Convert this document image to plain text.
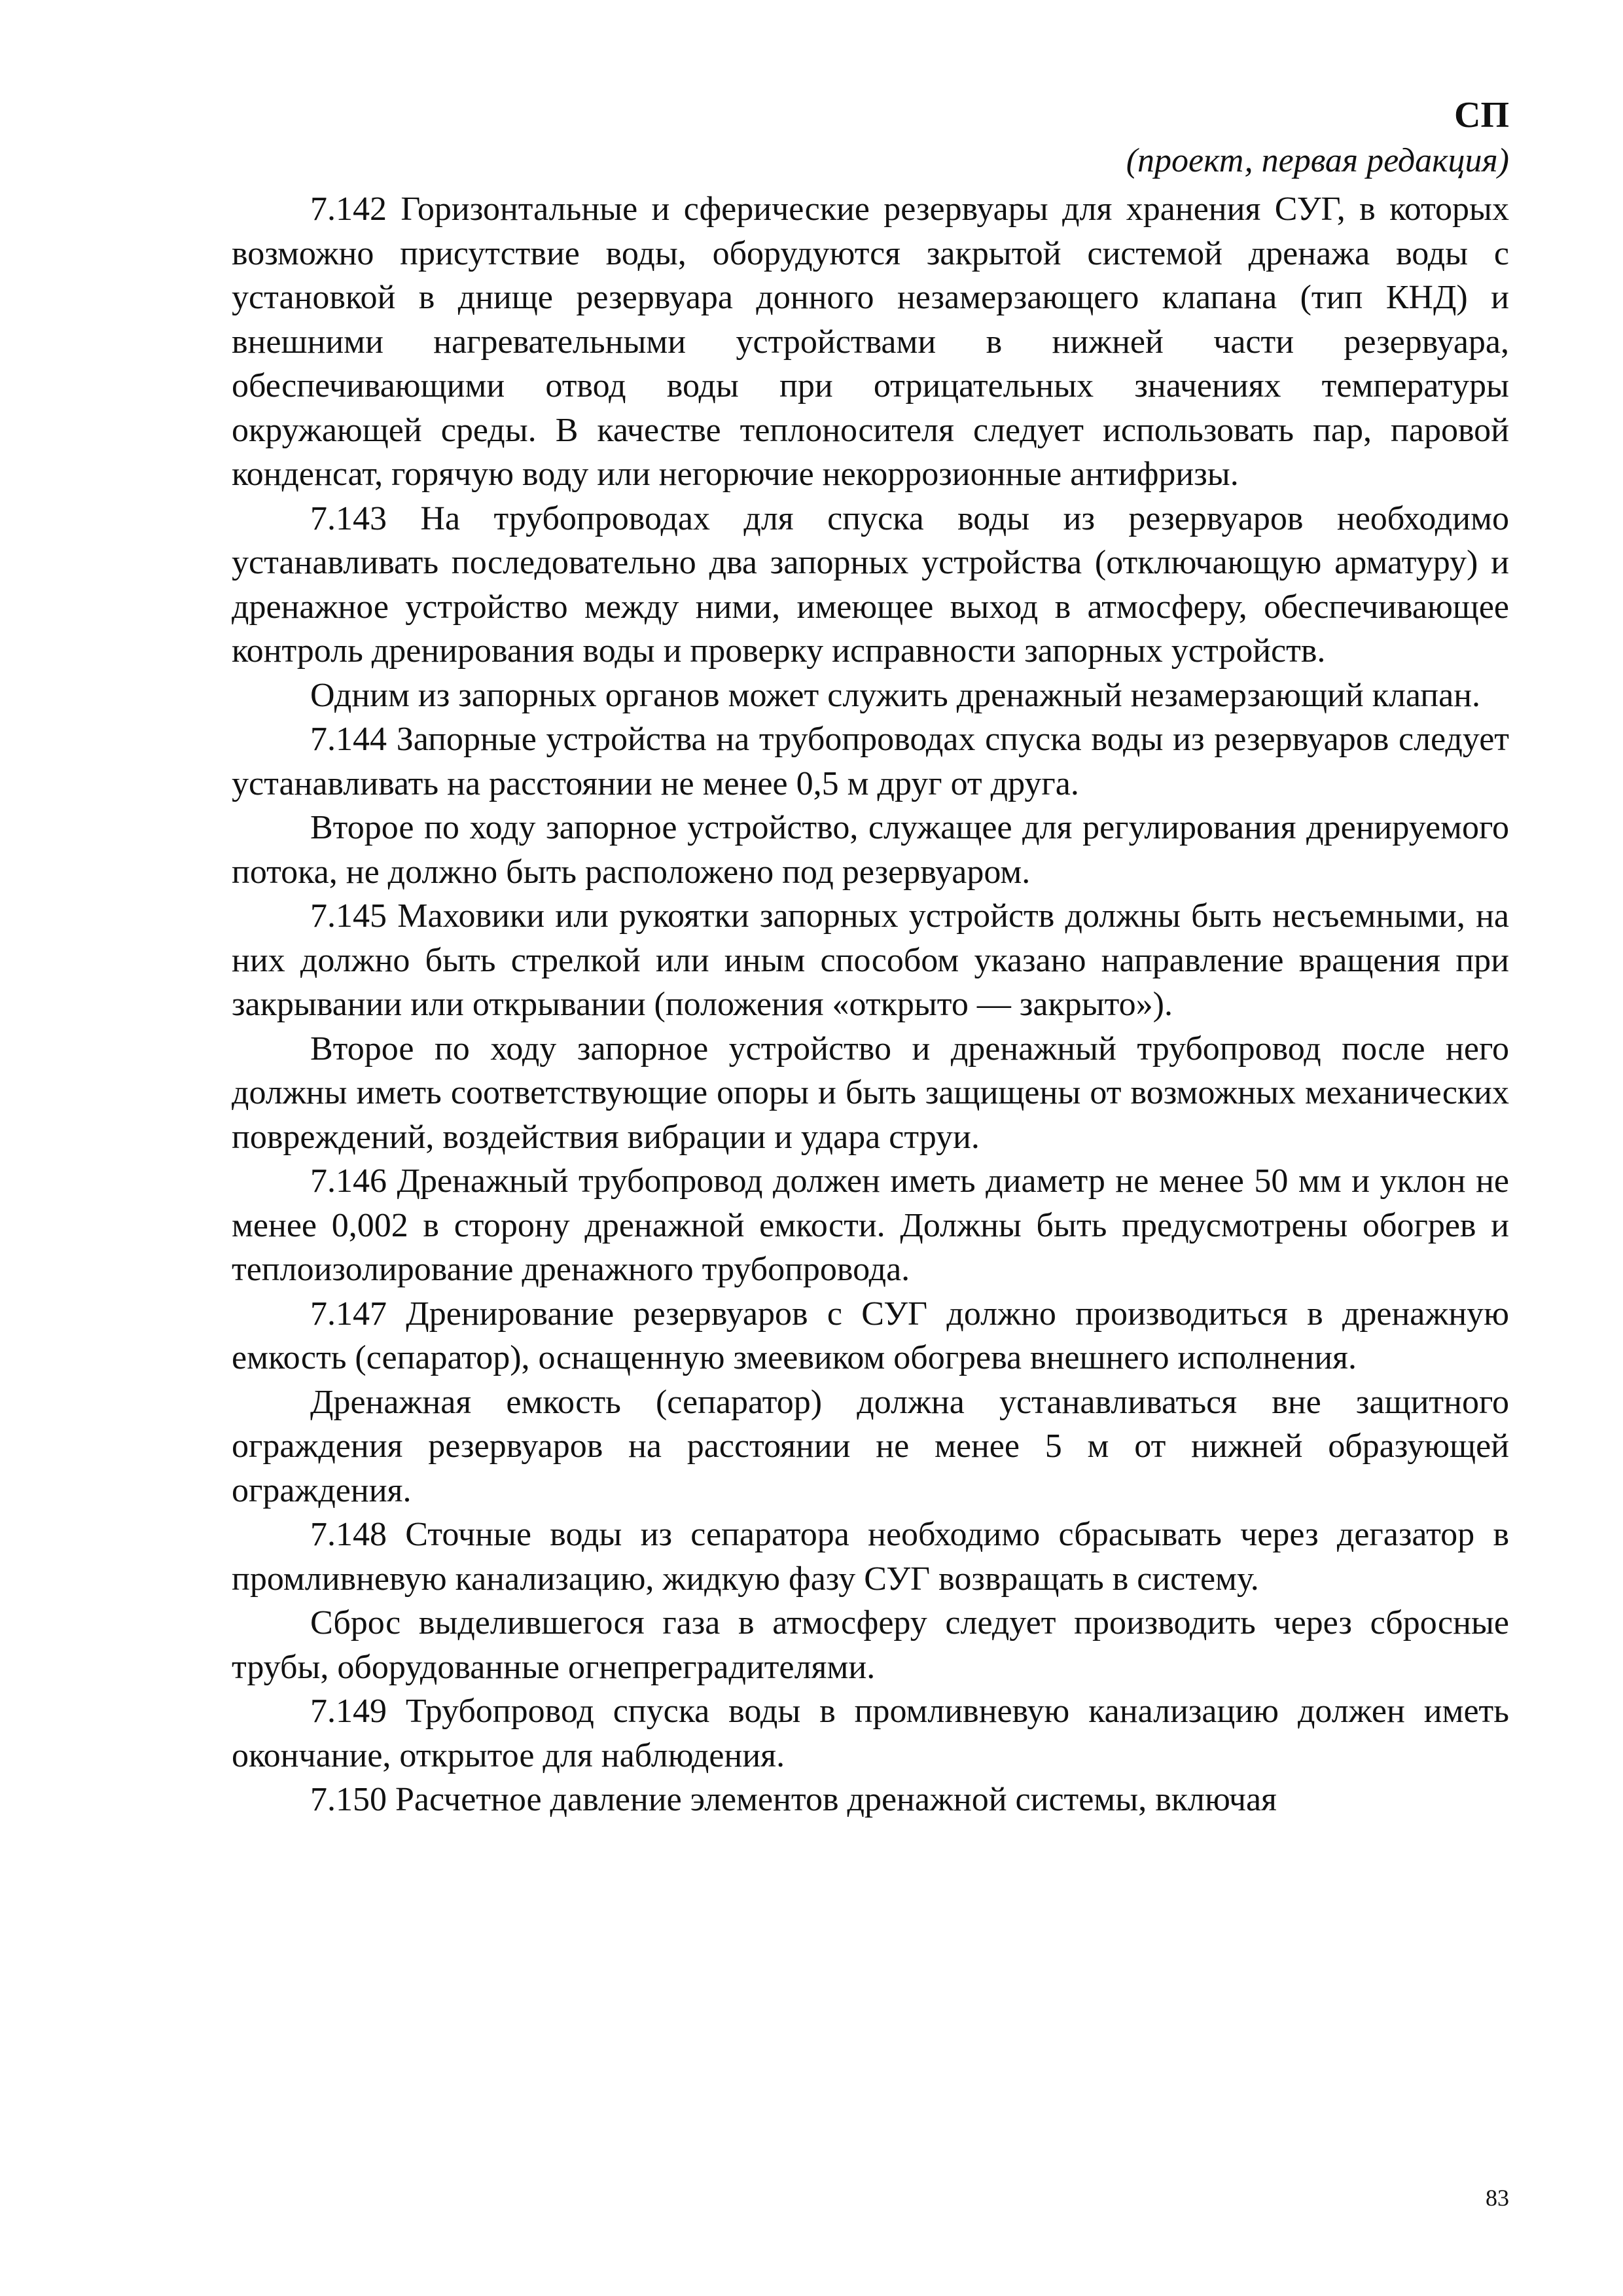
СП
(проект, первая редакция)

7.142 Горизонтальные и сферические резервуары для хранения СУГ, в которых возможно присутствие воды, оборудуются закрытой системой дренажа воды с установкой в днище резервуара донного незамерзающего клапана (тип КНД) и внешними нагревательными устройствами в нижней части резервуара, обеспечивающими отвод воды при отрицательных значениях температуры окружающей среды. В качестве теплоносителя следует использовать пар, паровой конденсат, горячую воду или негорючие некоррозионные антифризы.

7.143 На трубопроводах для спуска воды из резервуаров необходимо устанавливать последовательно два запорных устройства (отключающую арматуру) и дренажное устройство между ними, имеющее выход в атмосферу, обеспечивающее контроль дренирования воды и проверку исправности запорных устройств.

Одним из запорных органов может служить дренажный незамерзающий клапан.

7.144 Запорные устройства на трубопроводах спуска воды из резервуаров следует устанавливать на расстоянии не менее 0,5 м друг от друга.

Второе по ходу запорное устройство, служащее для регулирования дренируемого потока, не должно быть расположено под резервуаром.

7.145 Маховики или рукоятки запорных устройств должны быть несъемными, на них должно быть стрелкой или иным способом указано направление вращения при закрывании или открывании (положения «открыто — закрыто»).

Второе по ходу запорное устройство и дренажный трубопровод после него должны иметь соответствующие опоры и быть защищены от возможных механических повреждений, воздействия вибрации и удара струи.

7.146 Дренажный трубопровод должен иметь диаметр не менее 50 мм и уклон не менее 0,002 в сторону дренажной емкости. Должны быть предусмотрены обогрев и теплоизолирование дренажного трубопровода.

7.147 Дренирование резервуаров с СУГ должно производиться в дренажную емкость (сепаратор), оснащенную змеевиком обогрева внешнего исполнения.

Дренажная емкость (сепаратор) должна устанавливаться вне защитного ограждения резервуаров на расстоянии не менее 5 м от нижней образующей ограждения.

7.148 Сточные воды из сепаратора необходимо сбрасывать через дегазатор в промливневую канализацию, жидкую фазу СУГ возвращать в систему.

Сброс выделившегося газа в атмосферу следует производить через сбросные трубы, оборудованные огнепреградителями.

7.149 Трубопровод спуска воды в промливневую канализацию должен иметь окончание, открытое для наблюдения.

7.150 Расчетное давление элементов дренажной системы, включая

83
